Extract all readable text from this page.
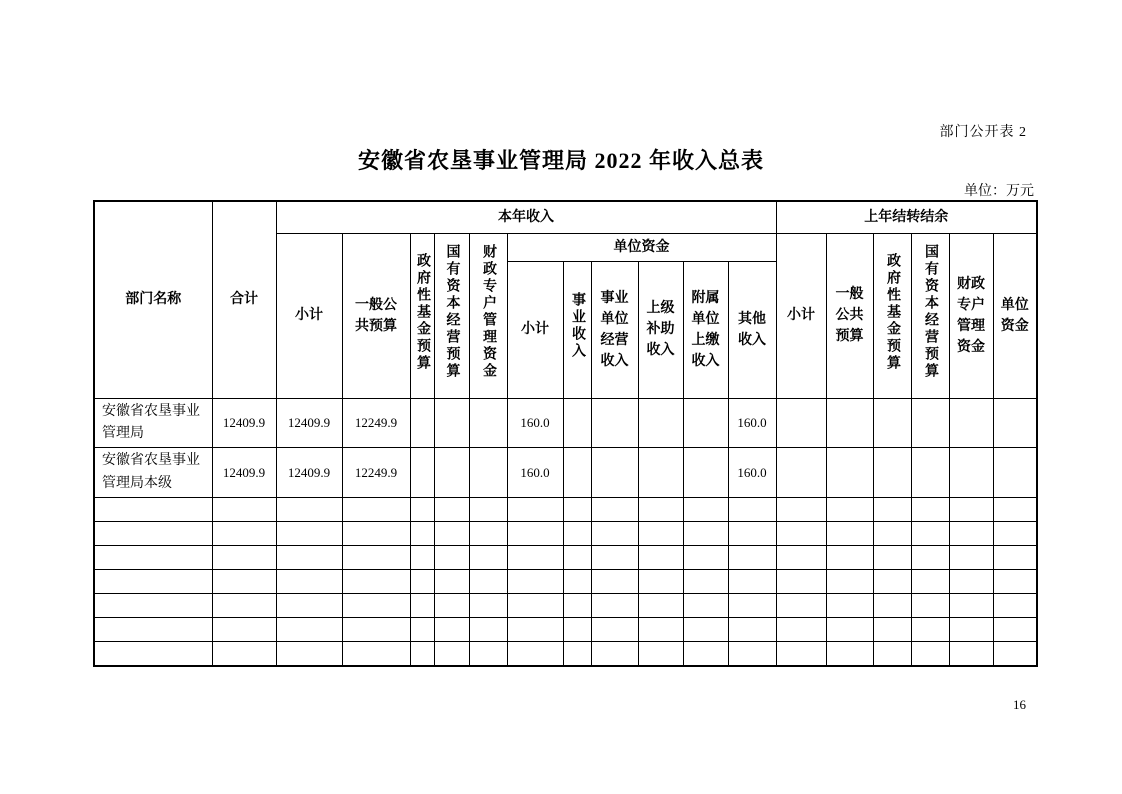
部门公开表 2
安徽省农垦事业管理局 2022 年收入总表
单位：万元
部门名称	合计	本年收入											上年结转结余					
		小计	一般公共预算	政府性基金预算	国有资本经营预算	财政专户管理资金	单位资金						小计	一般公共预算	政府性基金预算	国有资本经营预算	财政专户管理资金	单位资金
							小计	事业收入	事业单位经营收入	上级补助收入	附属单位上缴收入	其他收入						
安徽省农垦事业管理局	12409.9	12409.9	12249.9				160.0					160.0						
安徽省农垦事业管理局本级	12409.9	12409.9	12249.9				160.0					160.0						

16
